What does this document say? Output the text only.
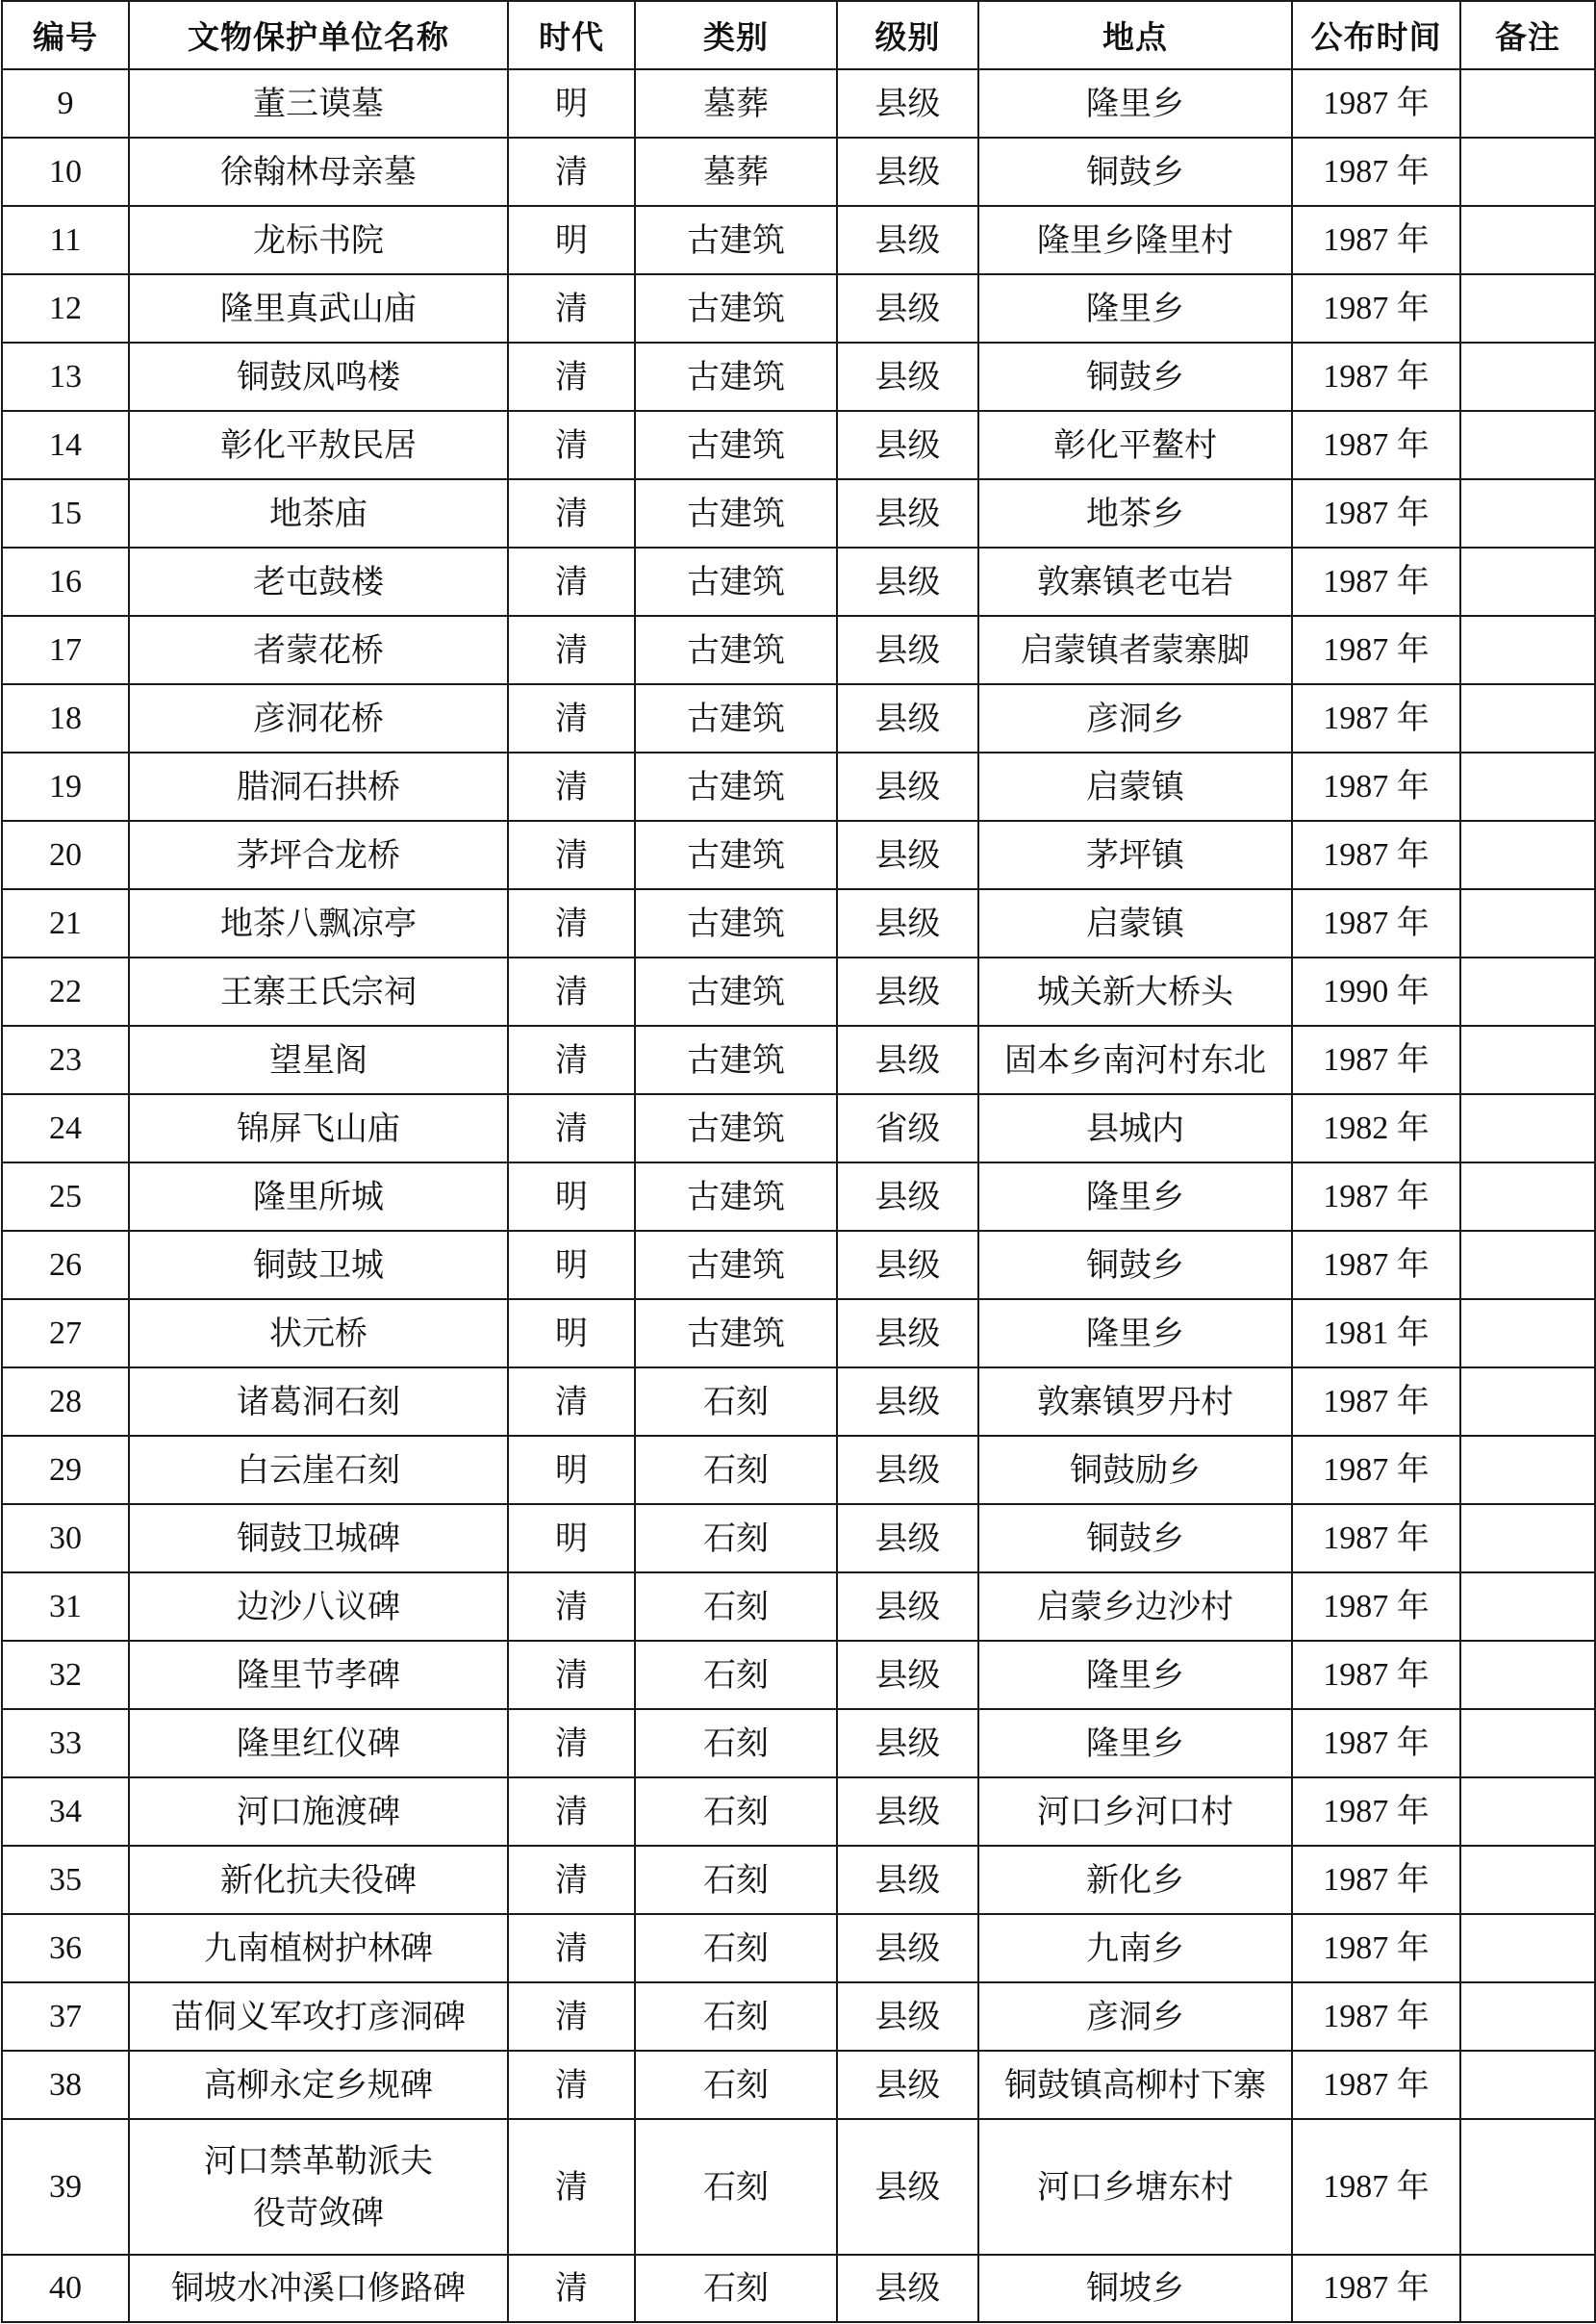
编号	文物保护单位名称	时代	类别	级别	地点	公布时间	备注
9	董三谟墓	明	墓葬	县级	隆里乡	1987 年	
10	徐翰林母亲墓	清	墓葬	县级	铜鼓乡	1987 年	
11	龙标书院	明	古建筑	县级	隆里乡隆里村	1987 年	
12	隆里真武山庙	清	古建筑	县级	隆里乡	1987 年	
13	铜鼓凤鸣楼	清	古建筑	县级	铜鼓乡	1987 年	
14	彰化平敖民居	清	古建筑	县级	彰化平鳌村	1987 年	
15	地茶庙	清	古建筑	县级	地茶乡	1987 年	
16	老屯鼓楼	清	古建筑	县级	敦寨镇老屯岩	1987 年	
17	者蒙花桥	清	古建筑	县级	启蒙镇者蒙寨脚	1987 年	
18	彦洞花桥	清	古建筑	县级	彦洞乡	1987 年	
19	腊洞石拱桥	清	古建筑	县级	启蒙镇	1987 年	
20	茅坪合龙桥	清	古建筑	县级	茅坪镇	1987 年	
21	地茶八飘凉亭	清	古建筑	县级	启蒙镇	1987 年	
22	王寨王氏宗祠	清	古建筑	县级	城关新大桥头	1990 年	
23	望星阁	清	古建筑	县级	固本乡南河村东北	1987 年	
24	锦屏飞山庙	清	古建筑	省级	县城内	1982 年	
25	隆里所城	明	古建筑	县级	隆里乡	1987 年	
26	铜鼓卫城	明	古建筑	县级	铜鼓乡	1987 年	
27	状元桥	明	古建筑	县级	隆里乡	1981 年	
28	诸葛洞石刻	清	石刻	县级	敦寨镇罗丹村	1987 年	
29	白云崖石刻	明	石刻	县级	铜鼓励乡	1987 年	
30	铜鼓卫城碑	明	石刻	县级	铜鼓乡	1987 年	
31	边沙八议碑	清	石刻	县级	启蒙乡边沙村	1987 年	
32	隆里节孝碑	清	石刻	县级	隆里乡	1987 年	
33	隆里红仪碑	清	石刻	县级	隆里乡	1987 年	
34	河口施渡碑	清	石刻	县级	河口乡河口村	1987 年	
35	新化抗夫役碑	清	石刻	县级	新化乡	1987 年	
36	九南植树护林碑	清	石刻	县级	九南乡	1987 年	
37	苗侗义军攻打彦洞碑	清	石刻	县级	彦洞乡	1987 年	
38	高柳永定乡规碑	清	石刻	县级	铜鼓镇高柳村下寨	1987 年	
39	河口禁革勒派夫
役苛敛碑	清	石刻	县级	河口乡塘东村	1987 年	
40	铜坡水冲溪口修路碑	清	石刻	县级	铜坡乡	1987 年	
